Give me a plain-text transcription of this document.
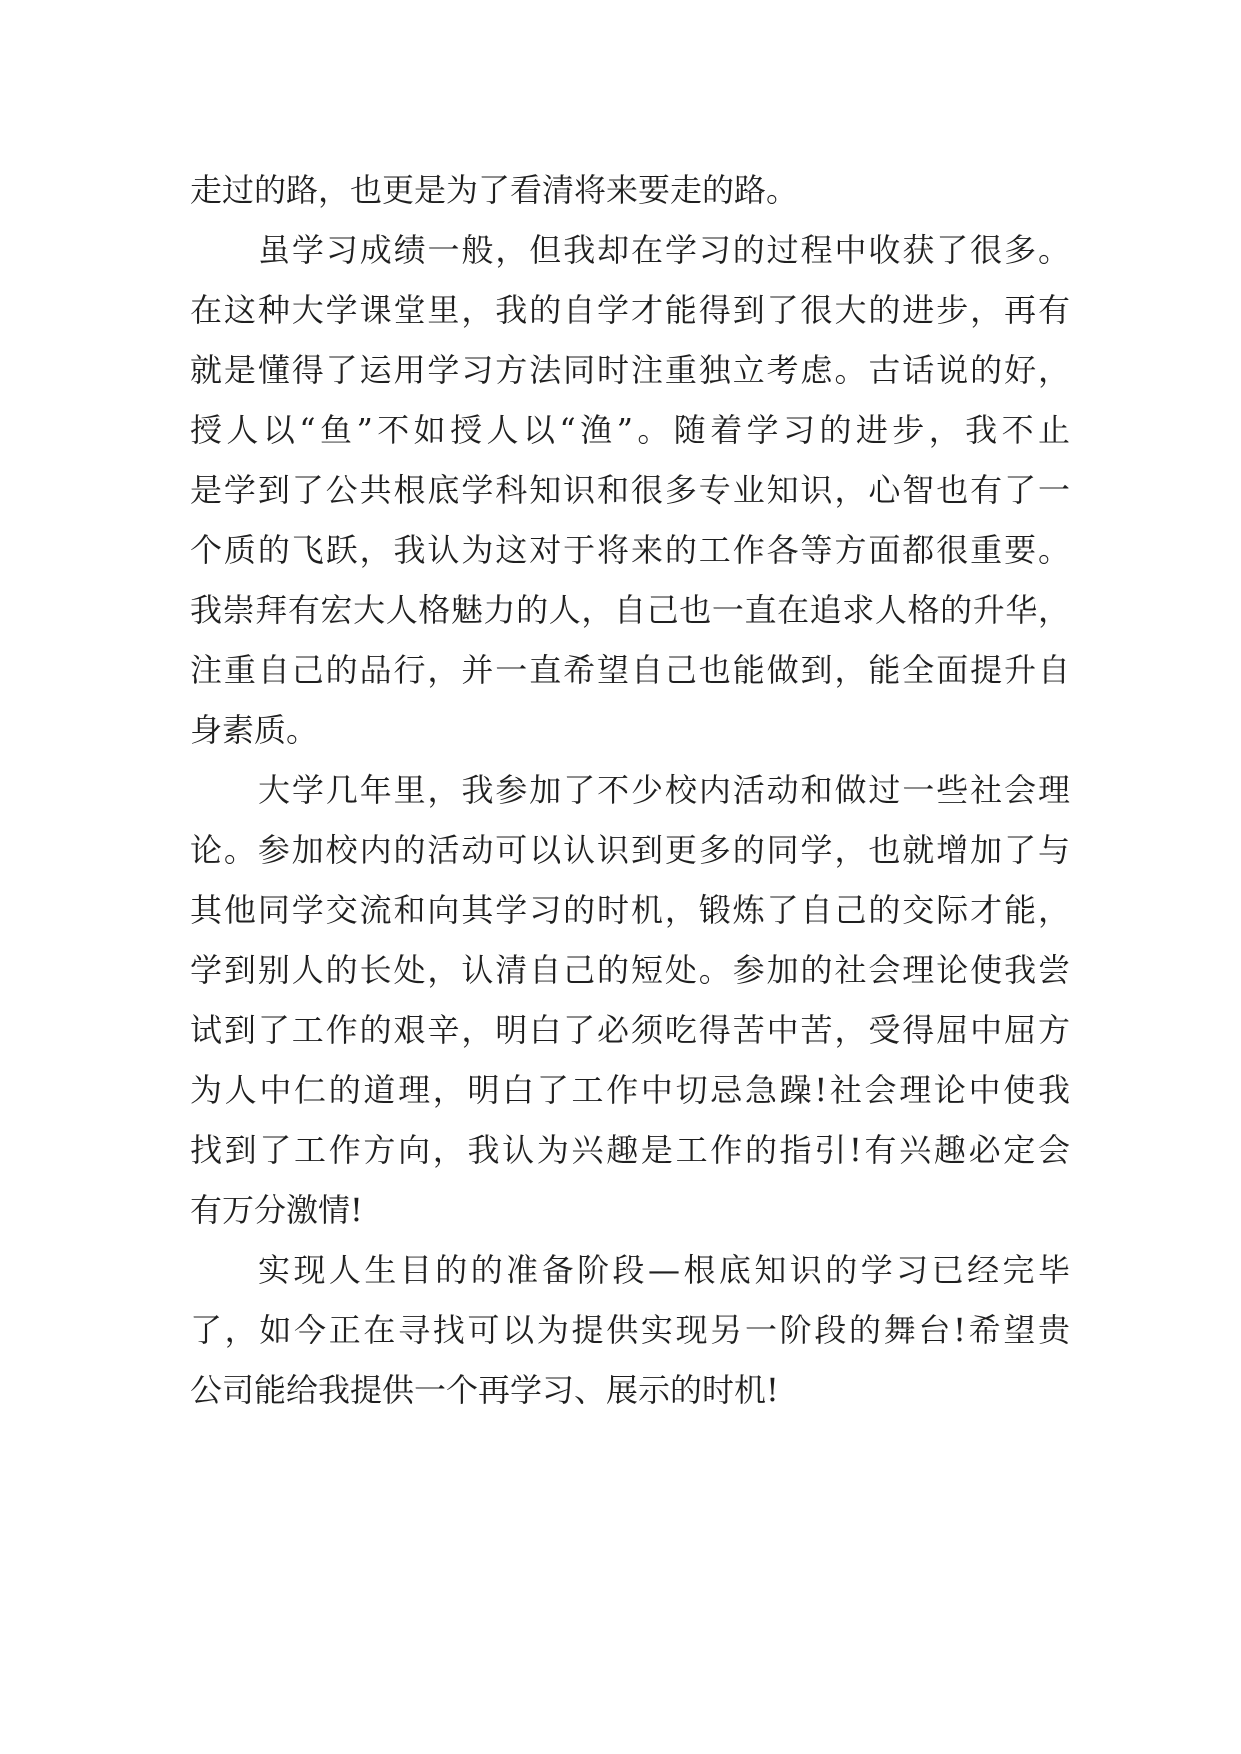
走过的路，也更是为了看清将来要走的路。
虽学习成绩一般，但我却在学习的过程中收获了很多。
在这种大学课堂里，我的自学才能得到了很大的进步，再有
就是懂得了运用学习方法同时注重独立考虑。古话说的好，
授人以“鱼”不如授人以“渔”。随着学习的进步，我不止
是学到了公共根底学科知识和很多专业知识，心智也有了一
个质的飞跃，我认为这对于将来的工作各等方面都很重要。
我崇拜有宏大人格魅力的人，自己也一直在追求人格的升华，
注重自己的品行，并一直希望自己也能做到，能全面提升自
身素质。
大学几年里，我参加了不少校内活动和做过一些社会理
论。参加校内的活动可以认识到更多的同学，也就增加了与
其他同学交流和向其学习的时机，锻炼了自己的交际才能，
学到别人的长处，认清自己的短处。参加的社会理论使我尝
试到了工作的艰辛，明白了必须吃得苦中苦，受得屈中屈方
为人中仁的道理，明白了工作中切忌急躁!社会理论中使我
找到了工作方向，我认为兴趣是工作的指引!有兴趣必定会
有万分激情!
实现人生目的的准备阶段—根底知识的学习已经完毕
了，如今正在寻找可以为提供实现另一阶段的舞台!希望贵
公司能给我提供一个再学习、展示的时机!
